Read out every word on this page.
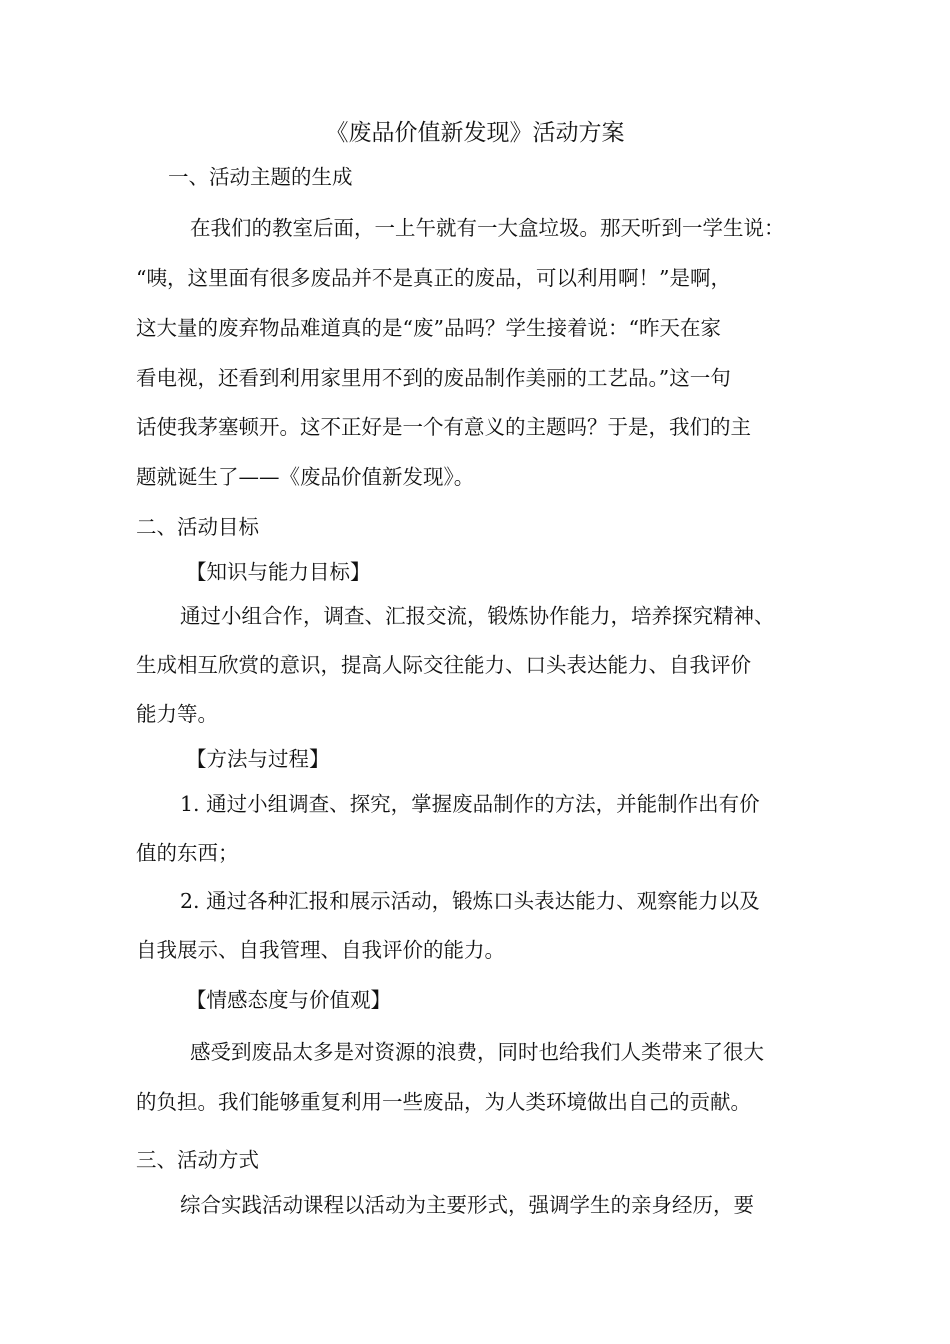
《废品价值新发现》活动方案
一、活动主题的生成
在我们的教室后面，一上午就有一大盒垃圾。那天听到一学生说：
“咦，这里面有很多废品并不是真正的废品，可以利用啊！”是啊，
这大量的废弃物品难道真的是“废”品吗？学生接着说：“昨天在家
看电视，还看到利用家里用不到的废品制作美丽的工艺品。”这一句
话使我茅塞顿开。这不正好是一个有意义的主题吗？于是，我们的主
题就诞生了——《废品价值新发现》。
二、活动目标
【知识与能力目标】
通过小组合作，调查、汇报交流，锻炼协作能力，培养探究精神、
生成相互欣赏的意识，提高人际交往能力、口头表达能力、自我评价
能力等。
【方法与过程】
1. 通过小组调查、探究，掌握废品制作的方法，并能制作出有价
值的东西；
2. 通过各种汇报和展示活动，锻炼口头表达能力、观察能力以及
自我展示、自我管理、自我评价的能力。
【情感态度与价值观】
感受到废品太多是对资源的浪费，同时也给我们人类带来了很大
的负担。我们能够重复利用一些废品，为人类环境做出自己的贡献。
三、活动方式
综合实践活动课程以活动为主要形式，强调学生的亲身经历，要
